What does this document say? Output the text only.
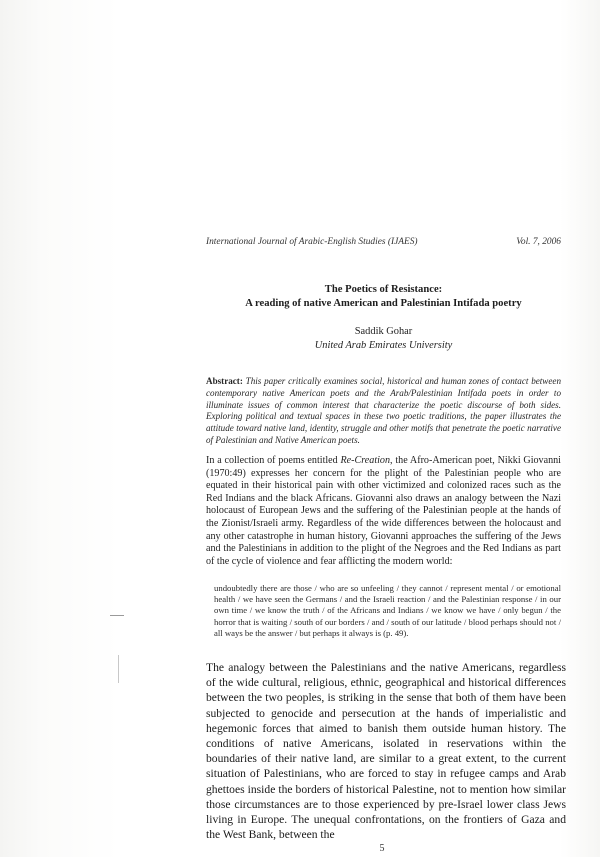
International Journal of Arabic-English Studies (IJAES)	Vol. 7, 2006
The Poetics of Resistance:
A reading of native American and Palestinian Intifada poetry
Saddik Gohar
United Arab Emirates University
Abstract: This paper critically examines social, historical and human zones of contact between contemporary native American poets and the Arab/Palestinian Intifada poets in order to illuminate issues of common interest that characterize the poetic discourse of both sides. Exploring political and textual spaces in these two poetic traditions, the paper illustrates the attitude toward native land, identity, struggle and other motifs that penetrate the poetic narrative of Palestinian and Native American poets.
In a collection of poems entitled Re-Creation, the Afro-American poet, Nikki Giovanni (1970:49) expresses her concern for the plight of the Palestinian people who are equated in their historical pain with other victimized and colonized races such as the Red Indians and the black Africans. Giovanni also draws an analogy between the Nazi holocaust of European Jews and the suffering of the Palestinian people at the hands of the Zionist/Israeli army. Regardless of the wide differences between the holocaust and any other catastrophe in human history, Giovanni approaches the suffering of the Jews and the Palestinians in addition to the plight of the Negroes and the Red Indians as part of the cycle of violence and fear afflicting the modern world:
undoubtedly there are those / who are so unfeeling / they cannot / represent mental / or emotional health / we have seen the Germans / and the Israeli reaction / and the Palestinian response / in our own time / we know the truth / of the Africans and Indians / we know we have / only begun / the horror that is waiting / south of our borders / and / south of our latitude / blood perhaps should not / all ways be the answer / but perhaps it always is (p. 49).
The analogy between the Palestinians and the native Americans, regardless of the wide cultural, religious, ethnic, geographical and historical differences between the two peoples, is striking in the sense that both of them have been subjected to genocide and persecution at the hands of imperialistic and hegemonic forces that aimed to banish them outside human history. The conditions of native Americans, isolated in reservations within the boundaries of their native land, are similar to a great extent, to the current situation of Palestinians, who are forced to stay in refugee camps and Arab ghettoes inside the borders of historical Palestine, not to mention how similar those circumstances are to those experienced by pre-Israel lower class Jews living in Europe. The unequal confrontations, on the frontiers of Gaza and the West Bank, between the
5
